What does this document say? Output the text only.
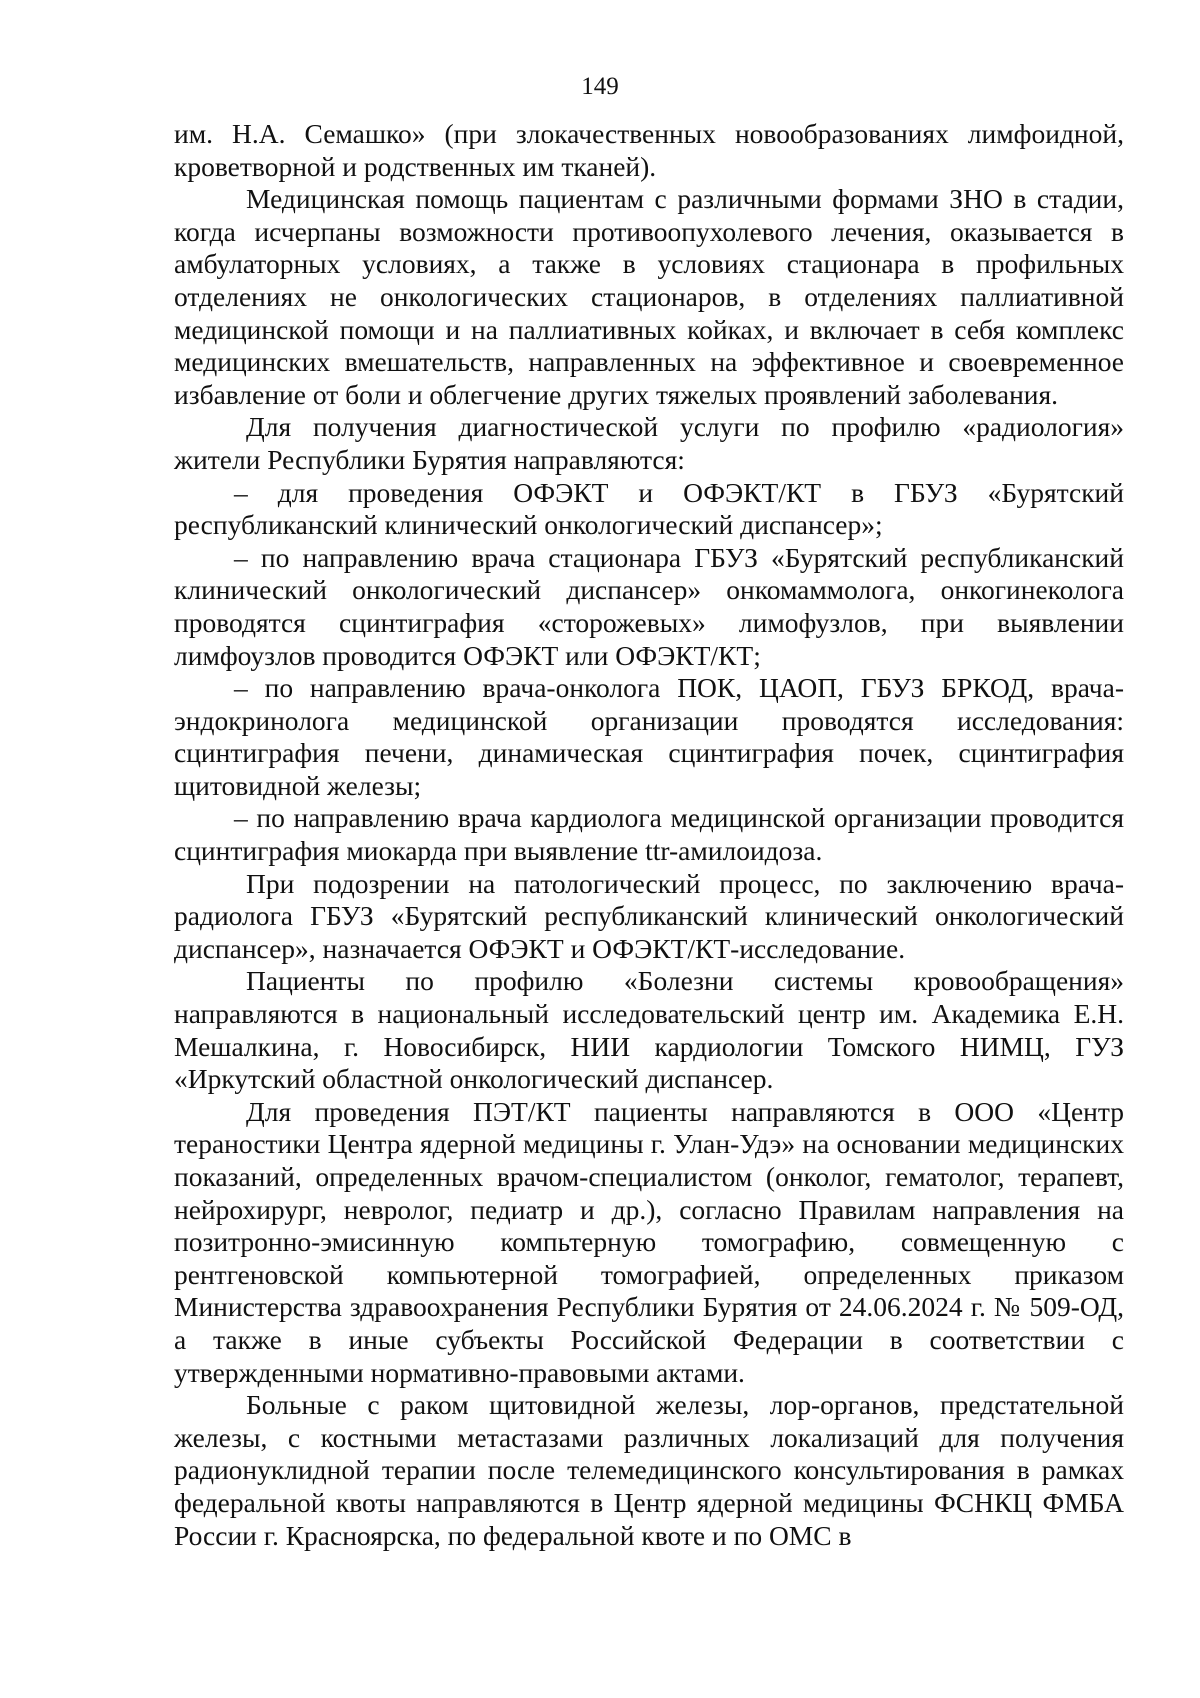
149

им. Н.А. Семашко» (при злокачественных новообразованиях лимфоидной, кроветворной и родственных им тканей).

Медицинская помощь пациентам с различными формами ЗНО в стадии, когда исчерпаны возможности противоопухолевого лечения, оказывается в амбулаторных условиях, а также в условиях стационара в профильных отделениях не онкологических стационаров, в отделениях паллиативной медицинской помощи и на паллиативных койках, и включает в себя комплекс медицинских вмешательств, направленных на эффективное и своевременное избавление от боли и облегчение других тяжелых проявлений заболевания.

Для получения диагностической услуги по профилю «радиология» жители Республики Бурятия направляются:

– для проведения ОФЭКТ и ОФЭКТ/КТ в ГБУЗ «Бурятский республиканский клинический онкологический диспансер»;

– по направлению врача стационара ГБУЗ «Бурятский республиканский клинический онкологический диспансер» онкомаммолога, онкогинеколога проводятся сцинтиграфия «сторожевых» лимофузлов, при выявлении лимфоузлов проводится ОФЭКТ или ОФЭКТ/КТ;

– по направлению врача-онколога ПОК, ЦАОП, ГБУЗ БРКОД, врача-эндокринолога медицинской организации проводятся исследования: сцинтиграфия печени, динамическая сцинтиграфия почек, сцинтиграфия щитовидной железы;

– по направлению врача кардиолога медицинской организации проводится сцинтиграфия миокарда при выявление ttr-амилоидоза.

При подозрении на патологический процесс, по заключению врача-радиолога ГБУЗ «Бурятский республиканский клинический онкологический диспансер», назначается ОФЭКТ и ОФЭКТ/КТ-исследование.

Пациенты по профилю «Болезни системы кровообращения» направляются в национальный исследовательский центр им. Академика Е.Н. Мешалкина, г. Новосибирск, НИИ кардиологии Томского НИМЦ, ГУЗ «Иркутский областной онкологический диспансер.

Для проведения ПЭТ/КТ пациенты направляются в ООО «Центр тераностики Центра ядерной медицины г. Улан-Удэ» на основании медицинских показаний, определенных врачом-специалистом (онколог, гематолог, терапевт, нейрохирург, невролог, педиатр и др.), согласно Правилам направления на позитронно-эмисинную компьтерную томографию, совмещенную с рентгеновской компьютерной томографией, определенных приказом Министерства здравоохранения Республики Бурятия от 24.06.2024 г. № 509-ОД, а также в иные субъекты Российской Федерации в соответствии с утвержденными нормативно-правовыми актами.

Больные с раком щитовидной железы, лор-органов, предстательной железы, с костными метастазами различных локализаций для получения радионуклидной терапии после телемедицинского консультирования в рамках федеральной квоты направляются в Центр ядерной медицины ФСНКЦ ФМБА России г. Красноярска, по федеральной квоте и по ОМС в
